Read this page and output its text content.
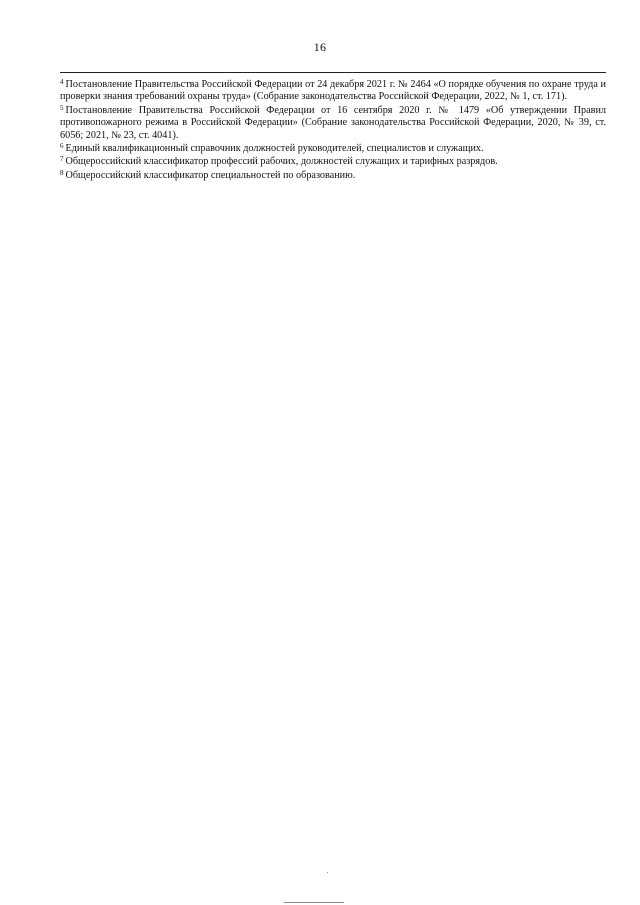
16

$^4$ Постановление Правительства Российской Федерации от 24 декабря 2021 г. № 2464 «О порядке обучения по охране труда и проверки знания требований охраны труда» (Собрание законодательства Российской Федерации, 2022, № 1, ст. 171).

$^5$ Постановление Правительства Российской Федерации от 16 сентября 2020 г. № 1479 «Об утверждении Правил противопожарного режима в Российской Федерации» (Собрание законодательства Российской Федерации, 2020, № 39, ст. 6056; 2021, № 23, ст. 4041).

$^6$ Единый квалификационный справочник должностей руководителей, специалистов и служащих.

$^7$ Общероссийский классификатор профессий рабочих, должностей служащих и тарифных разрядов.

$^8$ Общероссийский классификатор специальностей по образованию.
